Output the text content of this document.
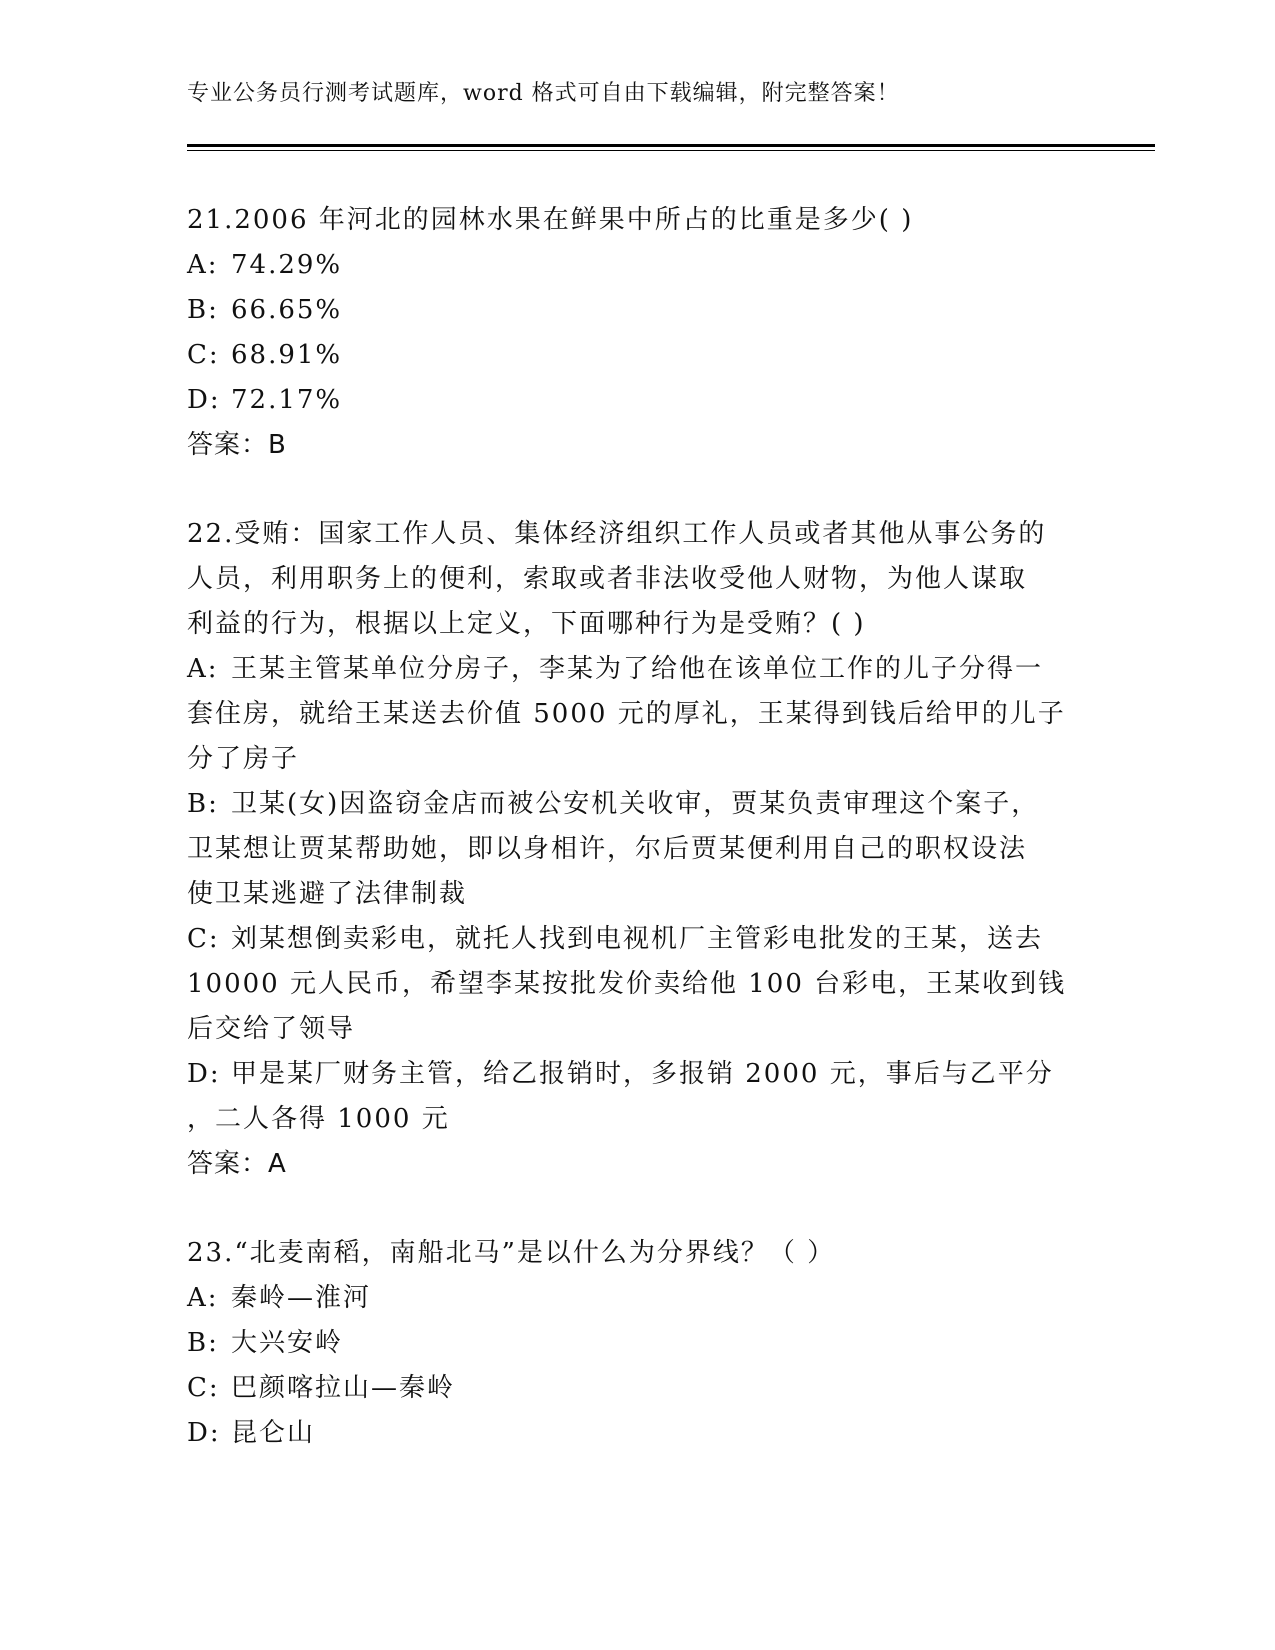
专业公务员行测考试题库，word 格式可自由下载编辑，附完整答案！
21.2006 年河北的园林水果在鲜果中所占的比重是多少( )
A: 74.29%
B: 66.65%
C: 68.91%
D: 72.17%
答案：B
22.受贿：国家工作人员、集体经济组织工作人员或者其他从事公务的
人员，利用职务上的便利，索取或者非法收受他人财物，为他人谋取
利益的行为，根据以上定义，下面哪种行为是受贿？( )
A: 王某主管某单位分房子，李某为了给他在该单位工作的儿子分得一
套住房，就给王某送去价值 5000 元的厚礼，王某得到钱后给甲的儿子
分了房子
B: 卫某(女)因盗窃金店而被公安机关收审，贾某负责审理这个案子，
卫某想让贾某帮助她，即以身相许，尔后贾某便利用自己的职权设法
使卫某逃避了法律制裁
C: 刘某想倒卖彩电，就托人找到电视机厂主管彩电批发的王某，送去
10000 元人民币，希望李某按批发价卖给他 100 台彩电，王某收到钱
后交给了领导
D: 甲是某厂财务主管，给乙报销时，多报销 2000 元，事后与乙平分
，二人各得 1000 元
答案：A
23.“北麦南稻，南船北马”是以什么为分界线？（ ）
A: 秦岭—淮河
B: 大兴安岭
C: 巴颜喀拉山—秦岭
D: 昆仑山
